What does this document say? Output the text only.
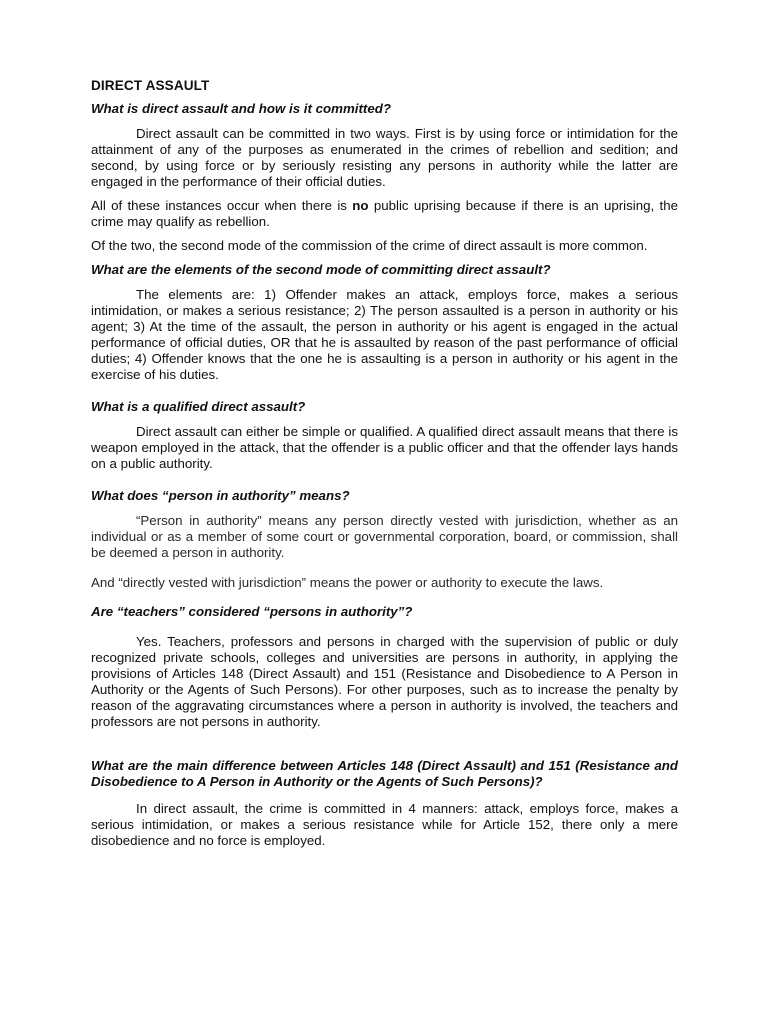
DIRECT ASSAULT
What is direct assault and how is it committed?

Direct assault can be committed in two ways. First is by using force or intimidation for the attainment of any of the purposes as enumerated in the crimes of rebellion and sedition; and second, by using force or by seriously resisting any persons in authority while the latter are engaged in the performance of their official duties.

All of these instances occur when there is no public uprising because if there is an uprising, the crime may qualify as rebellion.

Of the two, the second mode of the commission of the crime of direct assault is more common.

What are the elements of the second mode of committing direct assault?

The elements are: 1) Offender makes an attack, employs force, makes a serious intimidation, or makes a serious resistance; 2) The person assaulted is a person in authority or his agent; 3) At the time of the assault, the person in authority or his agent is engaged in the actual performance of official duties, OR that he is assaulted by reason of the past performance of official duties; 4) Offender knows that the one he is assaulting is a person in authority or his agent in the exercise of his duties.

What is a qualified direct assault?

Direct assault can either be simple or qualified. A qualified direct assault means that there is weapon employed in the attack, that the offender is a public officer and that the offender lays hands on a public authority.

What does “person in authority” means?

“Person in authority” means any person directly vested with jurisdiction, whether as an individual or as a member of some court or governmental corporation, board, or commission, shall be deemed a person in authority.

And “directly vested with jurisdiction” means the power or authority to execute the laws.

Are “teachers” considered “persons in authority”?

Yes. Teachers, professors and persons in charged with the supervision of public or duly recognized private schools, colleges and universities are persons in authority, in applying the provisions of Articles 148 (Direct Assault) and 151 (Resistance and Disobedience to A Person in Authority or the Agents of Such Persons). For other purposes, such as to increase the penalty by reason of the aggravating circumstances where a person in authority is involved, the teachers and professors are not persons in authority.

What are the main difference between Articles 148 (Direct Assault) and 151 (Resistance and Disobedience to A Person in Authority or the Agents of Such Persons)?

In direct assault, the crime is committed in 4 manners: attack, employs force, makes a serious intimidation, or makes a serious resistance while for Article 152, there only a mere disobedience and no force is employed.
